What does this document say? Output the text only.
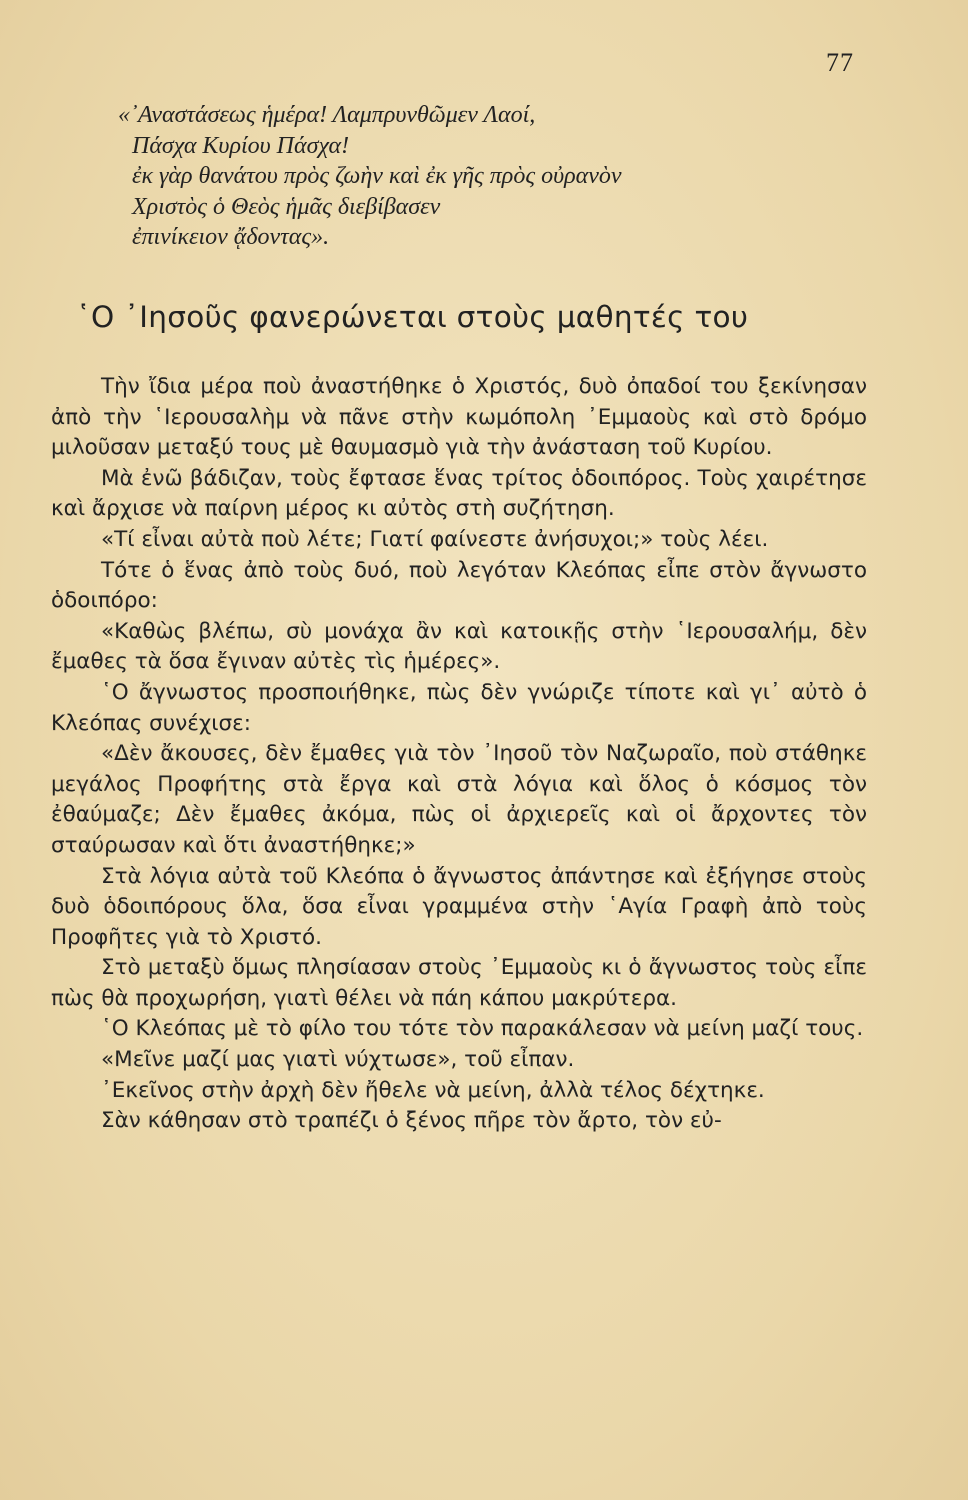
77
«᾿Αναστάσεως ἡμέρα! Λαμπρυνθῶμεν Λαοί,
Πάσχα Κυρίου Πάσχα!
ἐκ γὰρ θανάτου πρὸς ζωὴν καὶ ἐκ γῆς πρὸς οὐρανὸν
Χριστὸς ὁ Θεὸς ἡμᾶς διεβίβασεν
ἐπινίκειον ᾄδοντας».
῾Ο ᾿Ιησοῦς φανερώνεται στοὺς μαθητές του

Τὴν ἴδια μέρα ποὺ ἀναστήθηκε ὁ Χριστός, δυὸ ὀπαδοί του ξεκίνησαν ἀπὸ τὴν ῾Ιερουσαλὴμ νὰ πᾶνε στὴν κωμόπολη ᾿Εμμαοὺς καὶ στὸ δρόμο μιλοῦσαν μεταξύ τους μὲ θαυμασμὸ γιὰ τὴν ἀνάσταση τοῦ Κυρίου.

Μὰ ἐνῶ βάδιζαν, τοὺς ἔφτασε ἕνας τρίτος ὁδοιπόρος. Τοὺς χαιρέτησε καὶ ἄρχισε νὰ παίρνη μέρος κι αὐτὸς στὴ συζήτηση.

«Τί εἶναι αὐτὰ ποὺ λέτε; Γιατί φαίνεστε ἀνήσυχοι;» τοὺς λέει.

Τότε ὁ ἕνας ἀπὸ τοὺς δυό, ποὺ λεγόταν Κλεόπας εἶπε στὸν ἄγνωστο ὁδοιπόρο:

«Καθὼς βλέπω, σὺ μονάχα ἂν καὶ κατοικῇς στὴν ῾Ιερουσαλήμ, δὲν ἔμαθες τὰ ὅσα ἔγιναν αὐτὲς τὶς ἡμέρες».

῾Ο ἄγνωστος προσποιήθηκε, πὼς δὲν γνώριζε τίποτε καὶ γι᾿ αὐτὸ ὁ Κλεόπας συνέχισε:

«Δὲν ἄκουσες, δὲν ἔμαθες γιὰ τὸν ᾿Ιησοῦ τὸν Ναζωραῖο, ποὺ στάθηκε μεγάλος Προφήτης στὰ ἔργα καὶ στὰ λόγια καὶ ὅλος ὁ κόσμος τὸν ἐθαύμαζε; Δὲν ἔμαθες ἀκόμα, πὼς οἱ ἀρχιερεῖς καὶ οἱ ἄρχοντες τὸν σταύρωσαν καὶ ὅτι ἀναστήθηκε;»

Στὰ λόγια αὐτὰ τοῦ Κλεόπα ὁ ἄγνωστος ἀπάντησε καὶ ἐξήγησε στοὺς δυὸ ὁδοιπόρους ὅλα, ὅσα εἶναι γραμμένα στὴν ῾Αγία Γραφὴ ἀπὸ τοὺς Προφῆτες γιὰ τὸ Χριστό.

Στὸ μεταξὺ ὅμως πλησίασαν στοὺς ᾿Εμμαοὺς κι ὁ ἄγνωστος τοὺς εἶπε πὼς θὰ προχωρήση, γιατὶ θέλει νὰ πάη κάπου μακρύτερα.

῾Ο Κλεόπας μὲ τὸ φίλο του τότε τὸν παρακάλεσαν νὰ μείνη μαζί τους.

«Μεῖνε μαζί μας γιατὶ νύχτωσε», τοῦ εἶπαν.

᾿Εκεῖνος στὴν ἀρχὴ δὲν ἤθελε νὰ μείνη, ἀλλὰ τέλος δέχτηκε.

Σὰν κάθησαν στὸ τραπέζι ὁ ξένος πῆρε τὸν ἄρτο, τὸν εὐ-
